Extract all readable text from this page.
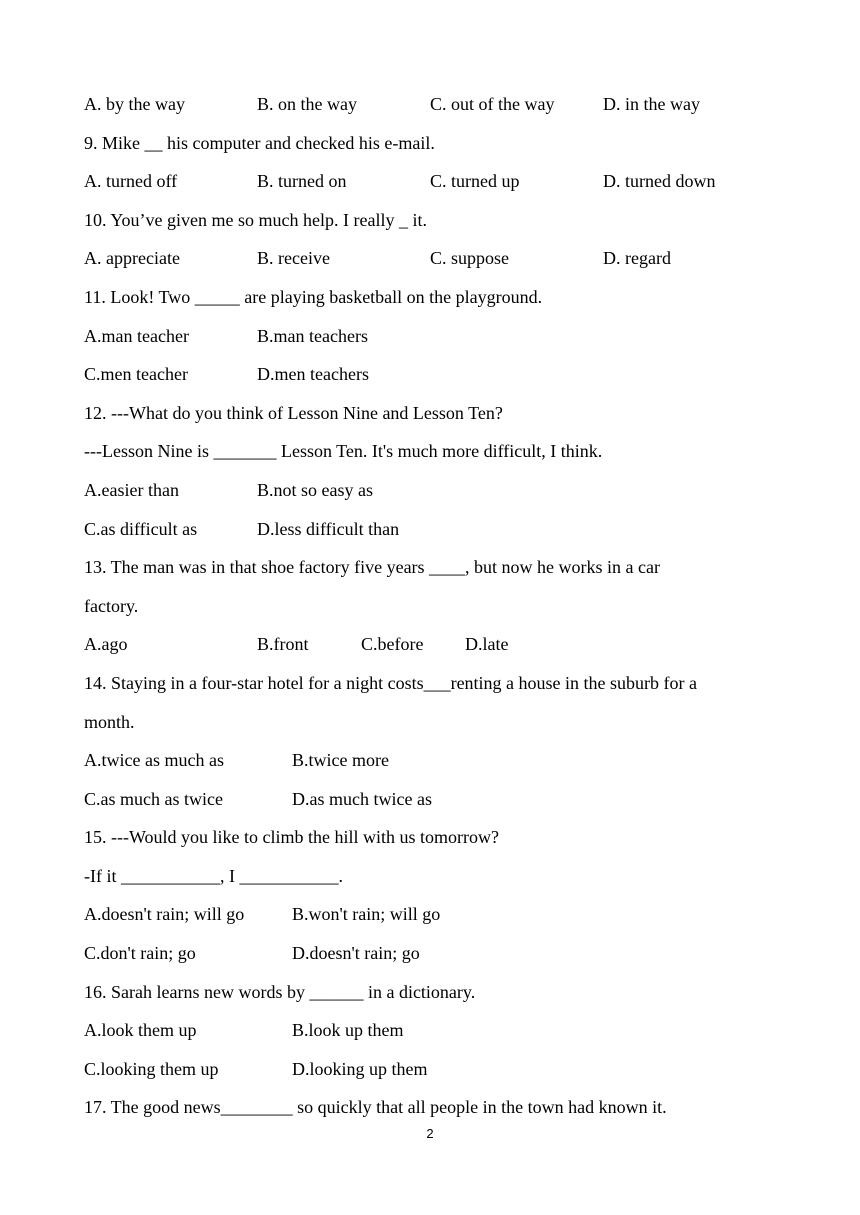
A. by the way	B. on the way	C. out of the way	D. in the way
9. Mike __ his computer and checked his e-mail.
A. turned off	B. turned on	C. turned up	D. turned down
10. You’ve given me so much help. I really _ it.
A. appreciate	B. receive	C. suppose	D. regard
11. Look! Two _____ are playing basketball on the playground.
A.man teacher	B.man teachers
C.men teacher	D.men teachers
12. ---What do you think of Lesson Nine and Lesson Ten?
---Lesson Nine is _______ Lesson Ten. It's much more difficult, I think.
A.easier than	B.not so easy as
C.as difficult as	D.less difficult than
13. The man was in that shoe factory five years ____, but now he works in a car
factory.
A.ago	B.front	C.before D.late
14. Staying in a four-star hotel for a night costs___renting a house in the suburb for a
month.
A.twice as much as	B.twice more
C.as much as twice	D.as much twice as
15. ---Would you like to climb the hill with us tomorrow?
-If it ___________, I ___________.
A.doesn't rain; will go	B.won't rain; will go
C.don't rain; go	D.doesn't rain; go
16. Sarah learns new words by ______ in a dictionary.
A.look them up	B.look up them
C.looking them up	D.looking up them
17. The good news________ so quickly that all people in the town had known it.
2
